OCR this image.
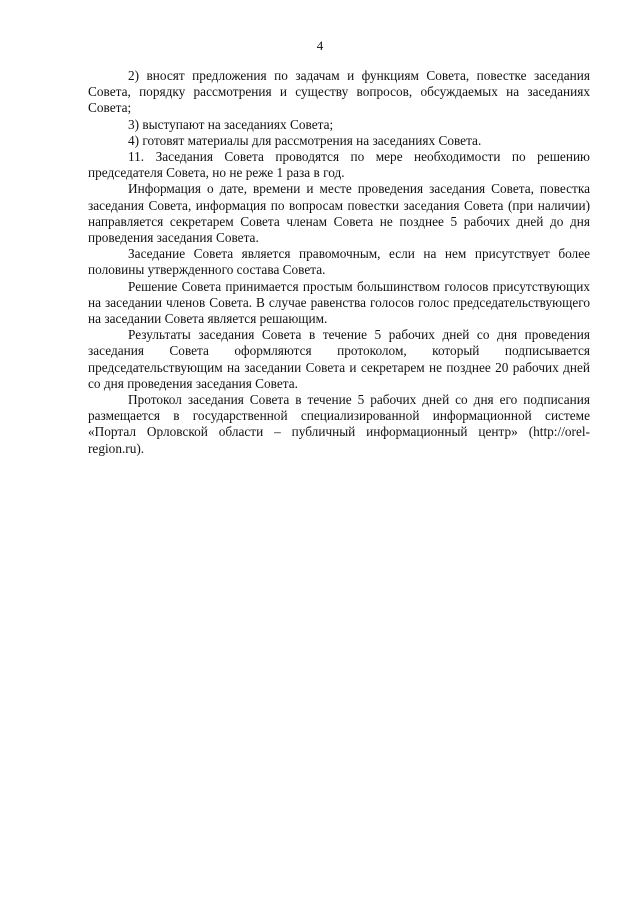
4

2) вносят предложения по задачам и функциям Совета, повестке заседания Совета, порядку рассмотрения и существу вопросов, обсуждаемых на заседаниях Совета;

3) выступают на заседаниях Совета;

4) готовят материалы для рассмотрения на заседаниях Совета.

11. Заседания Совета проводятся по мере необходимости по решению председателя Совета, но не реже 1 раза в год.

Информация о дате, времени и месте проведения заседания Совета, повестка заседания Совета, информация по вопросам повестки заседания Совета (при наличии) направляется секретарем Совета членам Совета не позднее 5 рабочих дней до дня проведения заседания Совета.

Заседание Совета является правомочным, если на нем присутствует более половины утвержденного состава Совета.

Решение Совета принимается простым большинством голосов присутствующих на заседании членов Совета. В случае равенства голосов голос председательствующего на заседании Совета является решающим.

Результаты заседания Совета в течение 5 рабочих дней со дня проведения заседания Совета оформляются протоколом, который подписывается председательствующим на заседании Совета и секретарем не позднее 20 рабочих дней со дня проведения заседания Совета.

Протокол заседания Совета в течение 5 рабочих дней со дня его подписания размещается в государственной специализированной информационной системе «Портал Орловской области – публичный информационный центр» (http://orel-region.ru).
